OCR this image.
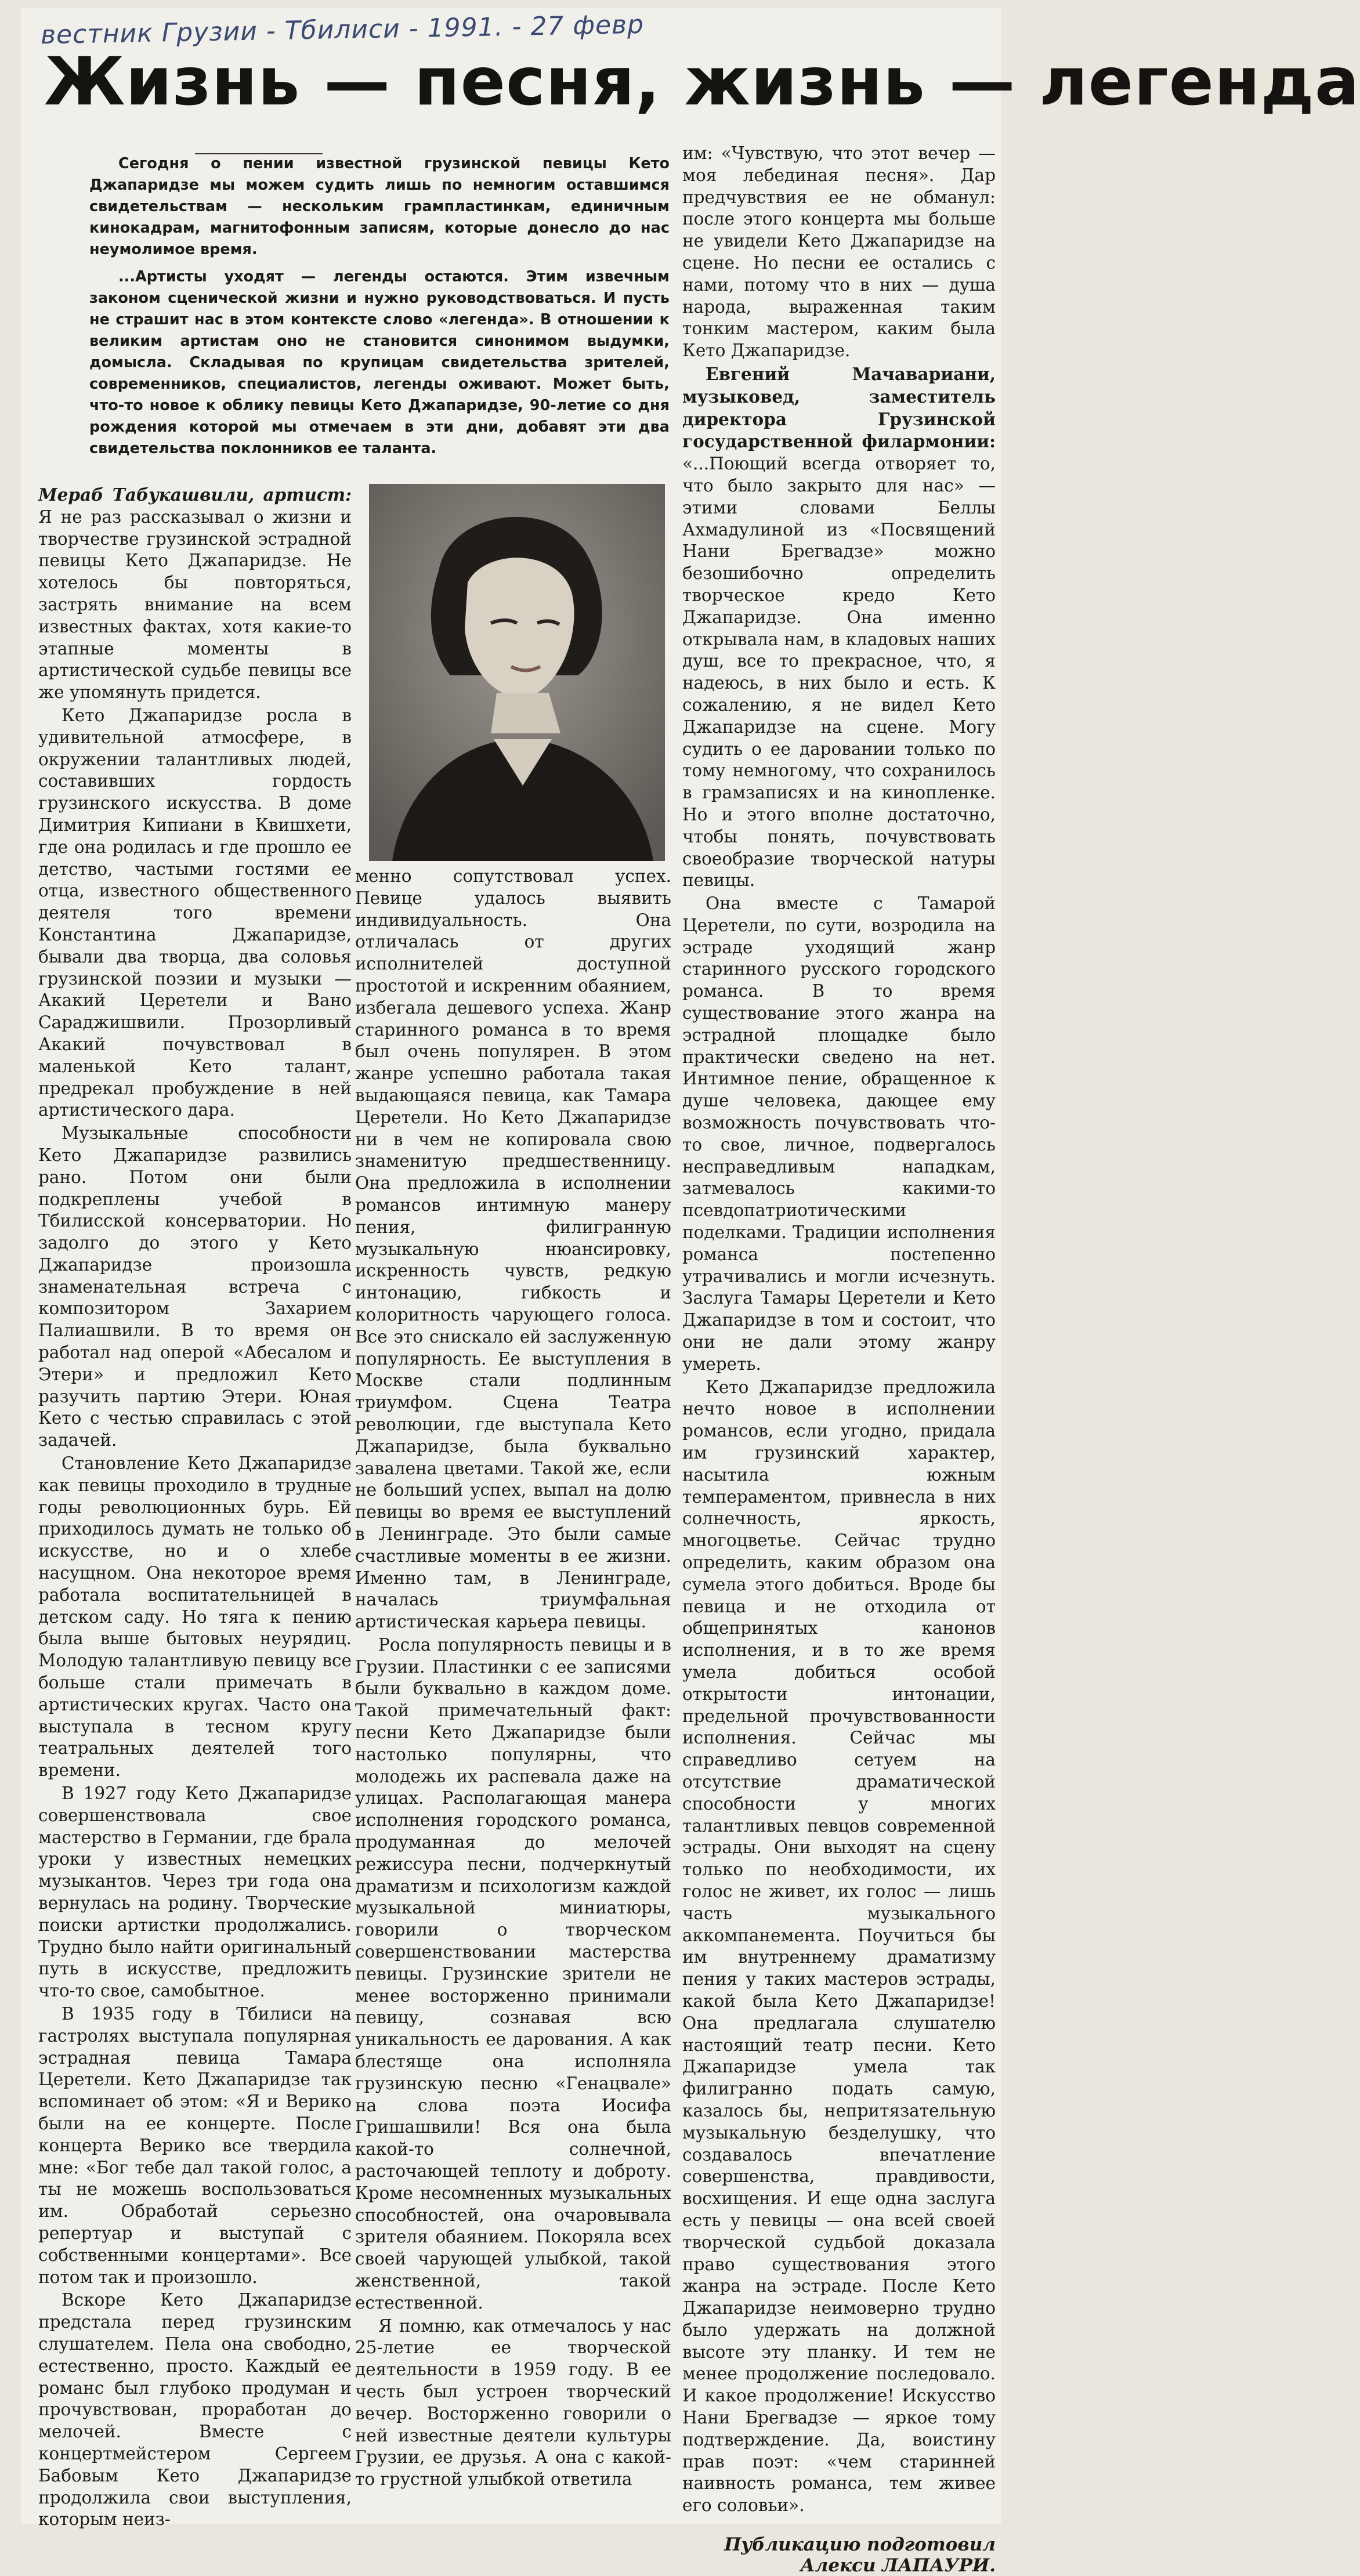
вестник Грузии - Тбилиси - 1991. - 27 февр
Жизнь — песня, жизнь — легенда

Сегодня о пении известной грузинской певицы Кето Джапаридзе мы можем судить лишь по немногим оставшимся свидетельствам — нескольким грампластинкам, единичным кинокадрам, магнитофонным записям, которые донесло до нас неумолимое время.

...Артисты уходят — легенды остаются. Этим извечным законом сценической жизни и нужно руководствоваться. И пусть не страшит нас в этом контексте слово «легенда». В отношении к великим артистам оно не становится синонимом выдумки, домысла. Складывая по крупицам свидетельства зрителей, современников, специалистов, легенды оживают. Может быть, что-то новое к облику певицы Кето Джапаридзе, 90-летие со дня рождения которой мы отмечаем в эти дни, добавят эти два свидетельства поклонников ее таланта.

Мераб Табукашвили, артист: Я не раз рассказывал о жизни и творчестве грузинской эстрадной певицы Кето Джапаридзе. Не хотелось бы повторяться, застрять внимание на всем известных фактах, хотя какие-то этапные моменты в артистической судьбе певицы все же упомянуть придется.

Кето Джапаридзе росла в удивительной атмосфере, в окружении талантливых людей, составивших гордость грузинского искусства. В доме Димитрия Кипиани в Квишхети, где она родилась и где прошло ее детство, частыми гостями ее отца, известного общественного деятеля того времени Константина Джапаридзе, бывали два творца, два соловья грузинской поэзии и музыки — Акакий Церетели и Вано Сараджишвили. Прозорливый Акакий почувствовал в маленькой Кето талант, предрекал пробуждение в ней артистического дара.

Музыкальные способности Кето Джапаридзе развились рано. Потом они были подкреплены учебой в Тбилисской консерватории. Но задолго до этого у Кето Джапаридзе произошла знаменательная встреча с композитором Захарием Палиашвили. В то время он работал над оперой «Абесалом и Этери» и предложил Кето разучить партию Этери. Юная Кето с честью справилась с этой задачей.

Становление Кето Джапаридзе как певицы проходило в трудные годы революционных бурь. Ей приходилось думать не только об искусстве, но и о хлебе насущном. Она некоторое время работала воспитательницей в детском саду. Но тяга к пению была выше бытовых неурядиц. Молодую талантливую певицу все больше стали примечать в артистических кругах. Часто она выступала в тесном кругу театральных деятелей того времени.

В 1927 году Кето Джапаридзе совершенствовала свое мастерство в Германии, где брала уроки у известных немецких музыкантов. Через три года она вернулась на родину. Творческие поиски артистки продолжались. Трудно было найти оригинальный путь в искусстве, предложить что-то свое, самобытное.

В 1935 году в Тбилиси на гастролях выступала популярная эстрадная певица Тамара Церетели. Кето Джапаридзе так вспоминает об этом: «Я и Верико были на ее концерте. После концерта Верико все твердила мне: «Бог тебе дал такой голос, а ты не можешь воспользоваться им. Обработай серьезно репертуар и выступай с собственными концертами». Все потом так и произошло.

Вскоре Кето Джапаридзе предстала перед грузинским слушателем. Пела она свободно, естественно, просто. Каждый ее романс был глубоко продуман и прочувствован, проработан до мелочей. Вместе с концертмейстером Сергеем Бабовым Кето Джапаридзе продолжила свои выступления, которым неиз-

менно сопутствовал успех. Певице удалось выявить индивидуальность. Она отличалась от других исполнителей доступной простотой и искренним обаянием, избегала дешевого успеха. Жанр старинного романса в то время был очень популярен. В этом жанре успешно работала такая выдающаяся певица, как Тамара Церетели. Но Кето Джапаридзе ни в чем не копировала свою знаменитую предшественницу. Она предложила в исполнении романсов интимную манеру пения, филигранную музыкальную нюансировку, искренность чувств, редкую интонацию, гибкость и колоритность чарующего голоса. Все это снискало ей заслуженную популярность. Ее выступления в Москве стали подлинным триумфом. Сцена Театра революции, где выступала Кето Джапаридзе, была буквально завалена цветами. Такой же, если не больший успех, выпал на долю певицы во время ее выступлений в Ленинграде. Это были самые счастливые моменты в ее жизни. Именно там, в Ленинграде, началась триумфальная артистическая карьера певицы.

Росла популярность певицы и в Грузии. Пластинки с ее записями были буквально в каждом доме. Такой примечательный факт: песни Кето Джапаридзе были настолько популярны, что молодежь их распевала даже на улицах. Располагающая манера исполнения городского романса, продуманная до мелочей режиссура песни, подчеркнутый драматизм и психологизм каждой музыкальной миниатюры, говорили о творческом совершенствовании мастерства певицы. Грузинские зрители не менее восторженно принимали певицу, сознавая всю уникальность ее дарования. А как блестяще она исполняла грузинскую песню «Генацвале» на слова поэта Иосифа Гришашвили! Вся она была какой-то солнечной, расточающей теплоту и доброту. Кроме несомненных музыкальных способностей, она очаровывала зрителя обаянием. Покоряла всех своей чарующей улыбкой, такой женственной, такой естественной.

Я помню, как отмечалось у нас 25-летие ее творческой деятельности в 1959 году. В ее честь был устроен творческий вечер. Восторженно говорили о ней известные деятели культуры Грузии, ее друзья. А она с какой-то грустной улыбкой ответила

им: «Чувствую, что этот вечер — моя лебединая песня». Дар предчувствия ее не обманул: после этого концерта мы больше не увидели Кето Джапаридзе на сцене. Но песни ее остались с нами, потому что в них — душа народа, выраженная таким тонким мастером, каким была Кето Джапаридзе.

Евгений Мачавариани, музыковед, заместитель директора Грузинской государственной филармонии: «...Поющий всегда отворяет то, что было закрыто для нас» — этими словами Беллы Ахмадулиной из «Посвящений Нани Брегвадзе» можно безошибочно определить творческое кредо Кето Джапаридзе. Она именно открывала нам, в кладовых наших душ, все то прекрасное, что, я надеюсь, в них было и есть. К сожалению, я не видел Кето Джапаридзе на сцене. Могу судить о ее даровании только по тому немногому, что сохранилось в грамзаписях и на кинопленке. Но и этого вполне достаточно, чтобы понять, почувствовать своеобразие творческой натуры певицы.

Она вместе с Тамарой Церетели, по сути, возродила на эстраде уходящий жанр старинного русского городского романса. В то время существование этого жанра на эстрадной площадке было практически сведено на нет. Интимное пение, обращенное к душе человека, дающее ему возможность почувствовать что-то свое, личное, подвергалось несправедливым нападкам, затмевалось какими-то псевдопатриотическими поделками. Традиции исполнения романса постепенно утрачивались и могли исчезнуть. Заслуга Тамары Церетели и Кето Джапаридзе в том и состоит, что они не дали этому жанру умереть.

Кето Джапаридзе предложила нечто новое в исполнении романсов, если угодно, придала им грузинский характер, насытила южным темпераментом, привнесла в них солнечность, яркость, многоцветье. Сейчас трудно определить, каким образом она сумела этого добиться. Вроде бы певица и не отходила от общепринятых канонов исполнения, и в то же время умела добиться особой открытости интонации, предельной прочувствованности исполнения. Сейчас мы справедливо сетуем на отсутствие драматической способности у многих талантливых певцов современной эстрады. Они выходят на сцену только по необходимости, их голос не живет, их голос — лишь часть музыкального аккомпанемента. Поучиться бы им внутреннему драматизму пения у таких мастеров эстрады, какой была Кето Джапаридзе! Она предлагала слушателю настоящий театр песни. Кето Джапаридзе умела так филигранно подать самую, казалось бы, непритязательную музыкальную безделушку, что создавалось впечатление совершенства, правдивости, восхищения. И еще одна заслуга есть у певицы — она всей своей творческой судьбой доказала право существования этого жанра на эстраде. После Кето Джапаридзе неимоверно трудно было удержать на должной высоте эту планку. И тем не менее продолжение последовало. И какое продолжение! Искусство Нани Брегвадзе — яркое тому подтверждение. Да, воистину прав поэт: «чем старинней наивность романса, тем живее его соловьи».

Публикацию подготовил Алекси ЛАПАУРИ.
